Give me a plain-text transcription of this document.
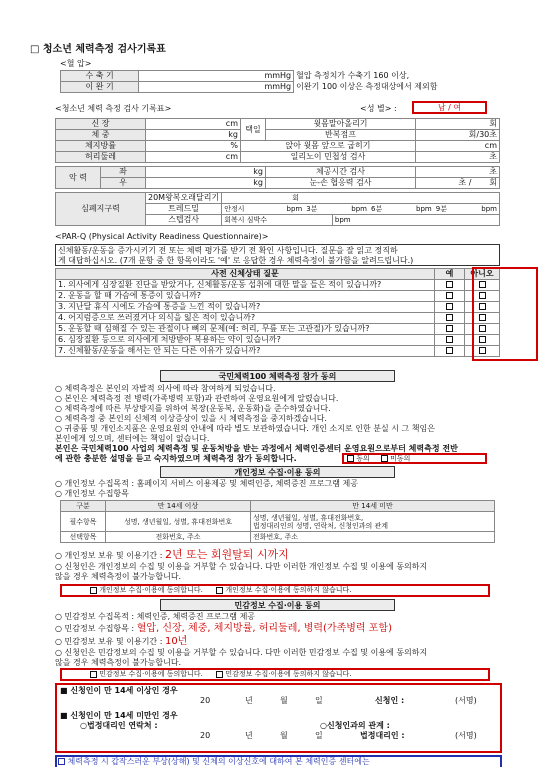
□ 청소년 체력측정 검사기록표
<혈 압>
수 축 기	mmHg	혈압 측정치가 수축기 160 이상,
이 완 기	mmHg	이완기 100 이상은 측정대상에서 제외함
<청소년 체력 측정 검사 기록표>	<성 별> :	남 / 여
신 장	cm	택일	윗몸말아올리기	회
체 중	kg		반복점프	회/30초
체지방률	%	앉아 윗몸 앞으로 굽히기		cm
허리둘레	cm	일리노이 민첩성 검사		초
악 력	좌	kg	체공시간 검사	초
	우	kg	눈-손 협응력 검사	초 / 회
심폐지구력	20M왕복오래달리기	회							
	트레드밀	안정시	bpm	3분	bpm	6분	bpm	9분	bpm
	스텝검사	회복시 심박수			bpm				
<PAR-Q (Physical Activity Readiness Questionnaire)>
신체활동/운동을 증가시키기 전 또는 체력 평가를 받기 전 확인 사항입니다. 질문을 잘 읽고 정직하
게 대답하십시오. (7개 문항 중 한 항목이라도 '예' 로 응답한 경우 체력측정이 불가함을 알려드립니다.)
사전 신체상태 질문	예	아니오
1. 의사에게 심장질환 진단을 받았거나, 신체활동/운동 섭취에 대한 말을 들은 적이 있습니까?		
2. 운동을 할 때 가슴에 통증이 있습니까?		
3. 지난달 휴식 시에도 가슴에 통증을 느낀 적이 있습니까?		
4. 어지럼증으로 쓰러졌거나 의식을 잃은 적이 있습니까?		
5. 운동할 때 심해질 수 있는 관절이나 뼈의 문제(예: 허리, 무릎 또는 고관절)가 있습니까?		
6. 심장질환 등으로 의사에게 처방받아 복용하는 약이 있습니까?		
7. 신체활동/운동을 해서는 안 되는 다른 이유가 있습니까?		
국민체력100 체력측정 참가 동의
○ 체력측정은 본인의 자발적 의사에 따라 참여하게 되었습니다.
○ 본인은 체력측정 전 병력(가족병력 포함)과 관련하여 운영요원에게 알렸습니다.
○ 체력측정에 따른 부상방지를 위하여 복장(운동복, 운동화)을 준수하였습니다.
○ 체력측정 중 본인의 신체적 이상증상이 있을 시 체력측정을 중지하겠습니다.
○ 귀중품 및 개인소지품은 운영요원의 안내에 따라 별도 보관하였습니다. 개인 소지로 인한 분실 시 그 책임은
본인에게 있으며, 센터에는 책임이 없습니다.
본인은 국민체력100 사업의 체력측정 및 운동처방을 받는 과정에서 체력인증센터 운영요원으로부터 체력측정 전반
에 관한 충분한 설명을 듣고 숙지하였으며 체력측정 참가 동의합니다.	동의	미동의
개인정보 수집·이용 동의
○ 개인정보 수집목적 : 홈페이지 서비스 이용제공 및 체력인증, 체력증진 프로그램 제공
○ 개인정보 수집항목
구분	만 14세 이상	만 14세 미만
필수항목	성명, 생년월일, 성별, 휴대전화번호	성명, 생년월일, 성별, 휴대전화번호,
법정대리인의 성명, 연락처, 신청인과의 관계

선택항목	전화번호, 주소	전화번호, 주소
○ 개인정보 보유 및 이용기간 : 2년 또는 회원탈퇴 시까지
○ 신청인은 개인정보의 수집 및 이용을 거부할 수 있습니다. 다만 이러한 개인정보 수집 및 이용에 동의하지
않을 경우 체력측정이 불가능합니다.
개인정보 수집·이용에 동의합니다.	개인정보 수집·이용에 동의하지 않습니다.
민감정보 수집·이용 동의
○ 민감정보 수집목적 : 체력인증, 체력증진 프로그램 제공
○ 민감정보 수집항목 : 혈압, 신장, 체중, 체지방률, 허리둘레, 병력(가족병력 포함)
○ 민감정보 보유 및 이용기간 : 10년
○ 신청인은 민감정보의 수집 및 이용을 거부할 수 있습니다. 다만 이러한 민감정보 수집 및 이용에 동의하지
않을 경우 체력측정이 불가능합니다.
민감정보 수집·이용에 동의합니다.	민감정보 수집·이용에 동의하지 않습니다.
■ 신청인이 만 14세 이상인 경우
20	년	월	일	신청인 :	(서명)
■ 신청인이 만 14세 미만인 경우
○법정대리인 연락처 :	○신청인과의 관계 :
20	년	월	일	법정대리인 :	(서명)
체력측정 시 갑작스러운 부상(상해) 및 신체의 이상신호에 대하여 본 체력인증 센터에는
